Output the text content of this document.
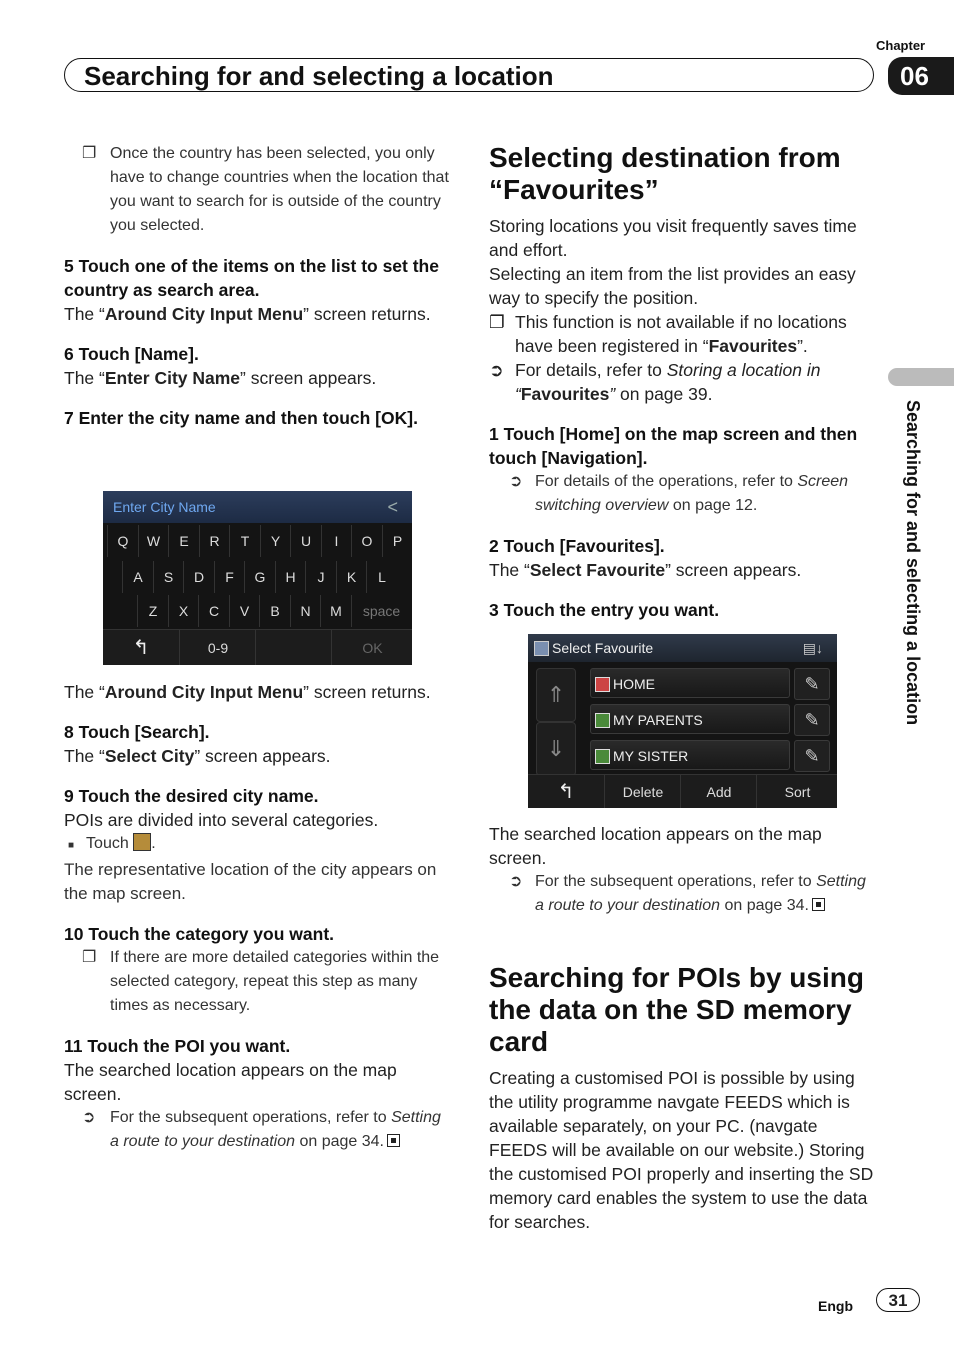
Chapter
Searching for and selecting a location	06
Searching for and selecting a location
❐ Once the country has been selected, you only have to change countries when the location that you want to search for is outside of the country you selected.

5 Touch one of the items on the list to set the country as search area.

The “Around City Input Menu” screen returns.

6 Touch [Name].

The “Enter City Name” screen appears.

7 Enter the city name and then touch [OK].

Enter City Name	<
Q	W	E	R	T	Y	U	I	O	P
A	S	D	F	G	H	J	K	L
Z	X	C	V	B	N	M	space
↰	0-9	OK

The “Around City Input Menu” screen returns.

8 Touch [Search].

The “Select City” screen appears.

9 Touch the desired city name.

POIs are divided into several categories.

■ Touch .

The representative location of the city appears on the map screen.

10 Touch the category you want.

❐ If there are more detailed categories within the selected category, repeat this step as many times as necessary.

11 Touch the POI you want.

The searched location appears on the map screen.

➲ For the subsequent operations, refer to Setting a route to your destination on page 34.
Selecting destination from “Favourites”

Storing locations you visit frequently saves time and effort.

Selecting an item from the list provides an easy way to specify the position.

❐ This function is not available if no locations have been registered in “Favourites”.
➲ For details, refer to Storing a location in “Favourites” on page 39.

1 Touch [Home] on the map screen and then touch [Navigation].

➲ For details of the operations, refer to Screen switching overview on page 12.

2 Touch [Favourites].

The “Select Favourite” screen appears.

3 Touch the entry you want.

Select Favourite	▤↓
⇑
⇓
HOME	✎
MY PARENTS	✎
MY SISTER	✎
↰	Delete	Add	Sort

The searched location appears on the map screen.

➲ For the subsequent operations, refer to Setting a route to your destination on page 34.
Searching for POIs by using the data on the SD memory card

Creating a customised POI is possible by using the utility programme navgate FEEDS which is available separately, on your PC. (navgate FEEDS will be available on our website.) Storing the customised POI properly and inserting the SD memory card enables the system to use the data for searches.

Engb	31
